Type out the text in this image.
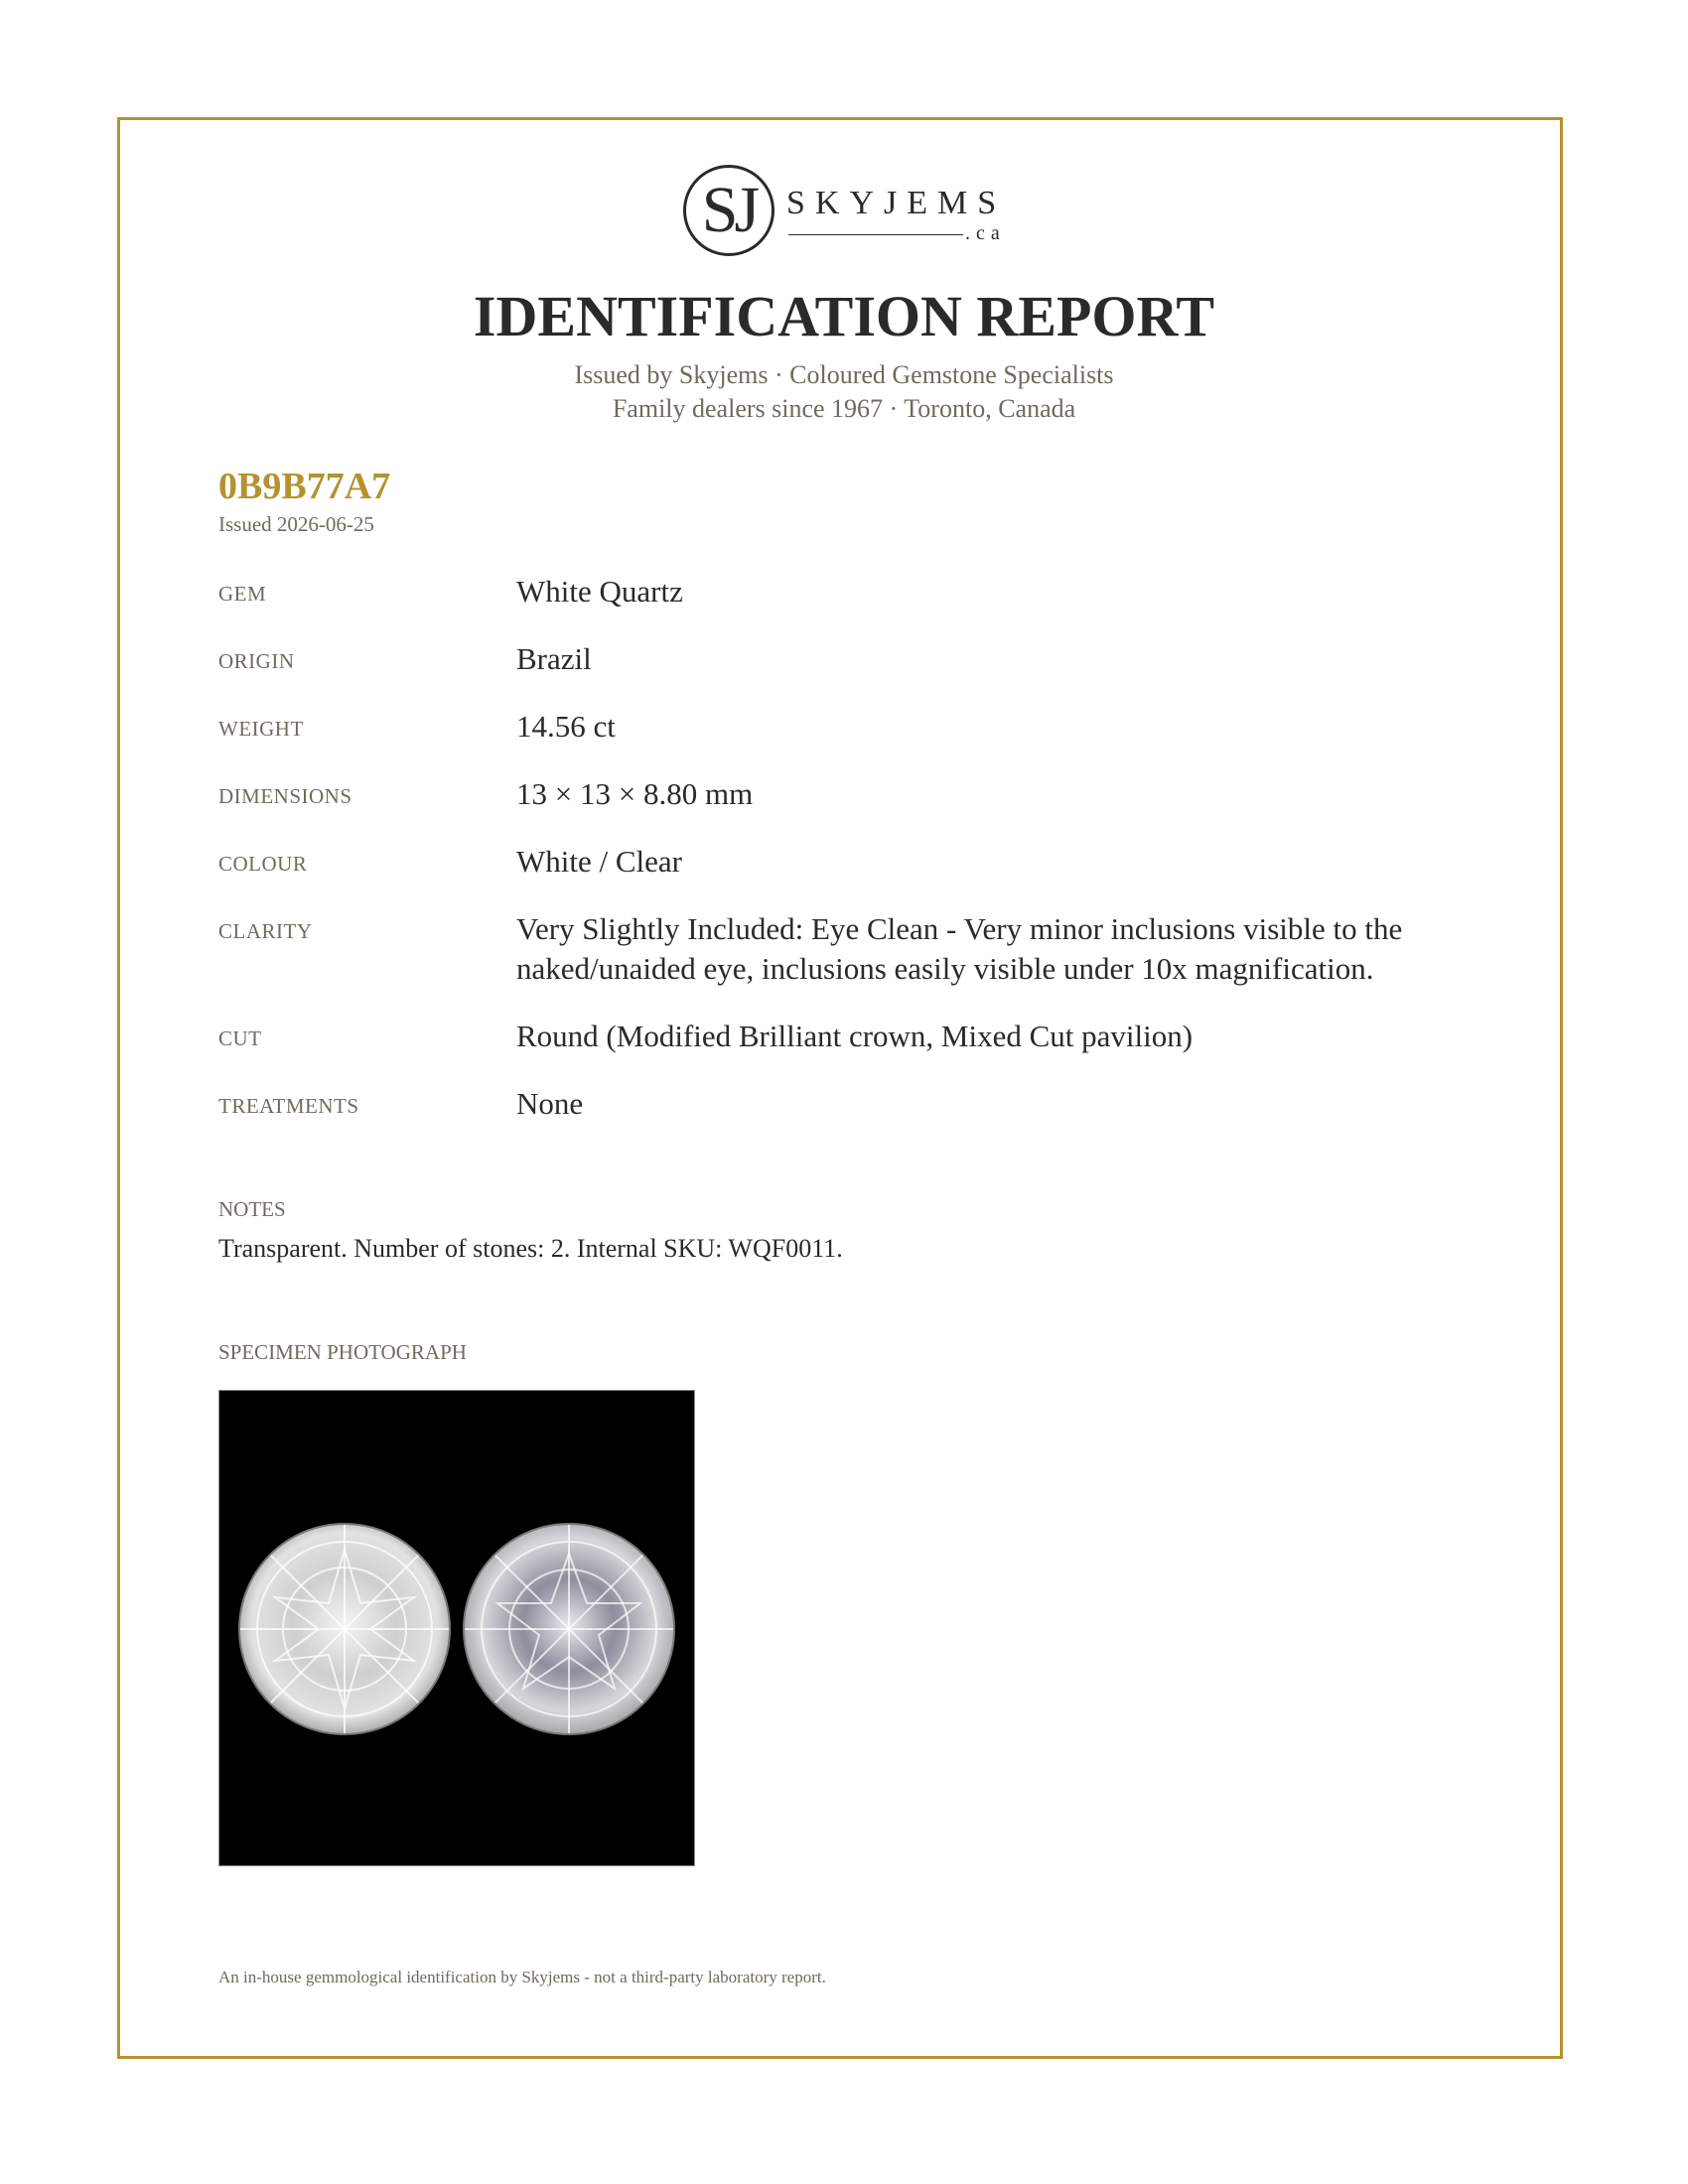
SJ SKYJEMS
.ca
IDENTIFICATION REPORT
Issued by Skyjems · Coloured Gemstone Specialists
Family dealers since 1967 · Toronto, Canada
0B9B77A7
Issued 2026-06-25
GEM	White Quartz
ORIGIN	Brazil
WEIGHT	14.56 ct
DIMENSIONS	13 × 13 × 8.80 mm
COLOUR	White / Clear
CLARITY	Very Slightly Included: Eye Clean - Very minor inclusions visible to the naked/unaided eye, inclusions easily visible under 10x magnification.
CUT	Round (Modified Brilliant crown, Mixed Cut pavilion)
TREATMENTS	None
NOTES
Transparent. Number of stones: 2. Internal SKU: WQF0011.
SPECIMEN PHOTOGRAPH
An in-house gemmological identification by Skyjems - not a third-party laboratory report.
